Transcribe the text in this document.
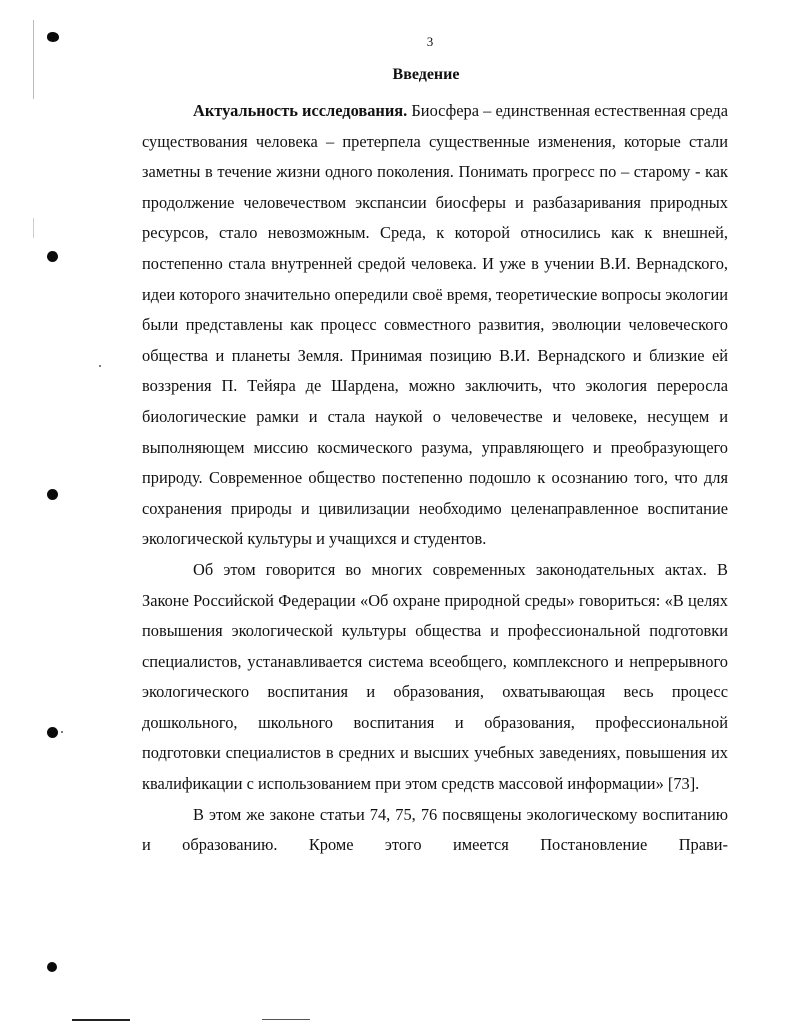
3
Введение

Актуальность исследования. Биосфера – единственная естественная среда существования человека – претерпела существенные изменения, которые стали заметны в течение жизни одного поколения. Понимать прогресс по – старому - как продолжение человечеством экспансии биосферы и разбазаривания природных ресурсов, стало невозможным. Среда, к которой относились как к внешней, постепенно стала внутренней средой человека. И уже в учении В.И. Вернадского, идеи которого значительно опередили своё время, теоретические вопросы экологии были представлены как процесс совместного развития, эволюции человеческого общества и планеты Земля. Принимая позицию В.И. Вернадского и близкие ей воззрения П. Тейяра де Шардена, можно заключить, что экология переросла биологические рамки и стала наукой о человечестве и человеке, несущем и выполняющем миссию космического разума, управляющего и преобразующего природу. Современное общество постепенно подошло к осознанию того, что для сохранения природы и цивилизации необходимо целенаправленное воспитание экологической культуры и учащихся и студентов.

Об этом говорится во многих современных законодательных актах. В Законе Российской Федерации «Об охране природной среды» говориться: «В целях повышения экологической культуры общества и профессиональной подготовки специалистов, устанавливается система всеобщего, комплексного и непрерывного экологического воспитания и образования, охватывающая весь процесс дошкольного, школьного воспитания и образования, профессиональной подготовки специалистов в средних и высших учебных заведениях, повышения их квалификации с использованием при этом средств массовой информации» [73].

В этом же законе статьи 74, 75, 76 посвящены экологическому воспитанию и образованию. Кроме этого имеется Постановление Прави-
